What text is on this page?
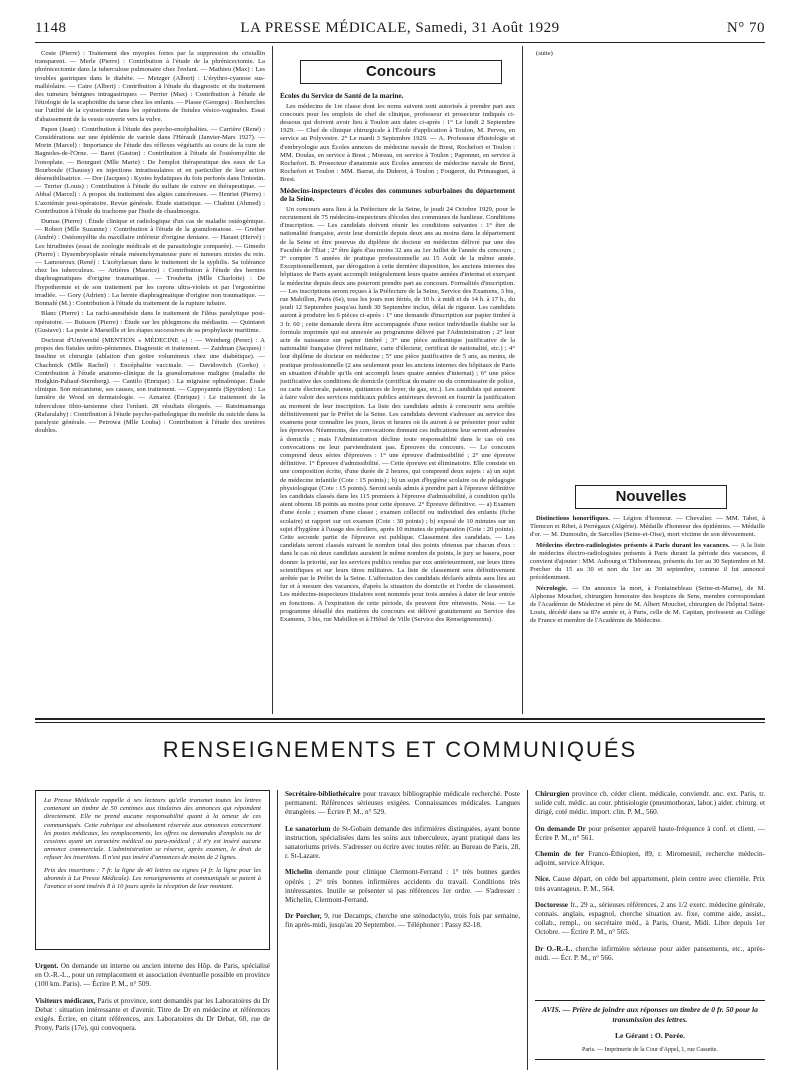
1148	LA PRESSE MÉDICALE, Samedi, 31 Août 1929	N° 70

Coste (Pierre) : Traitement des myopies fortes par la suppression du cristallin transparent. — Merle (Pierre) : Contribution à l'étude de la phrénicectomie. La phrénicectomie dans la tuberculose pulmonaire chez l'enfant. — Mathieu (Max) : Les troubles gastriques dans le diabète. — Metzger (Albert) : L'érythro-cyanose sus-malléolaire. — Caire (Albert) : Contribution à l'étude du diagnostic et du traitement des tumeurs bénignes intragastriques — Perrier (Max) : Contribution à l'étude de l'étiologie de la scaphoïdite du tarse chez les enfants. — Plasse (Georges) : Recherches sur l'utilité de la cystostomie dans les opérations de fistules vésico-vaginales. Essai d'abaissement de la vessie ouverte vers la vulve.

Papon (Jean) : Contribution à l'étude des psycho-encéphalites. — Carrière (René) : Considérations sur une épidémie de variole dans l'Hérault (Janvier-Mars 1927). — Morin (Marcel) : Importance de l'étude des réflexes végétatifs au cours de la cure de Bagnoles-de-l'Orne. — Baret (Gaston) : Contribution à l'étude de l'ostéomyélite de l'omoplate. — Bourguet (Mlle Marie) : De l'emploi thérapeutique des eaux de La Bourboule (Chaussy) en injections intratissulaires et en particulier de leur action désensibilisatrice. — Dor (Jacques) : Kystes hydatiques du foie perforés dans l'intestin. — Terrier (Louis) : Contribution à l'étude du sulfate de cuivre en thérapeutique. — Abbal (Marcel) : A propos du traitement des algies cancéreuses. — Henriet (Pierre) : L'azotémie post-opératoire. Revue générale. Étude statistique. — Chabini (Ahmed) : Contribution à l'étude du trachome par l'huile de chaulmoogra.

Dumas (Pierre) : Étude clinique et radiologique d'un cas de maladie ostéogénique. — Robert (Mlle Suzanne) : Contribution à l'étude de la granulomatose. — Grether (André) : Ostéomyélite du maxillaire inférieur d'origine dentaire. — Harant (Hervé) : Les hirudinées (essai de zoologie médicale et de parasitologie comparée). — Gimedo (Pierre) : Dysembryoplasie rénale mésenchymateuse pure et tumeurs mixtes du rein. — Lamouroux (René) : L'acétylarsan dans le traitement de la syphilis. Sa tolérance chez les tuberculeux. — Artières (Maurice) : Contribution à l'étude des hernies diaphragmatiques d'origine traumatique. — Troubetta (Mlle Charlotte) : De l'hypothermie et de son traitement par les rayons ultra-violets et par l'ergostérine irradiée. — Gory (Adrien) : La hernie diaphragmatique d'origine non traumatique. — Bonnafé (M.) : Contribution à l'étude du traitement de la rupture tubaire.

Blanc (Pierre) : La rachi-anesthésie dans le traitement de l'iléus paralytique post-opératoire. — Buisson (Pierre) : Étude sur les phlegmons du médiastin. — Quintaret (Gustave) : La peste à Marseille et les étapes successives de sa prophylaxie maritime.

Doctorat d'Université (MENTION « MÉDECINE ») : — Weinberg (Perec) : A propos des fistules urétro-péniennes. Diagnostic et traitement. — Zaidman (Jacques) : Insuline et chirurgie (ablation d'un goitre volumineux chez une diabétique). — Chachnick (Mlle Rachel) : Encéphalite vaccinale. — Davidovitch (Gorko) : Contribution à l'étude anatomo-clinique de la granulomatose maligne (maladie de Hodgkin-Paltauf-Sternberg). — Cantilo (Enrique) : La migraine ophtalmique. Étude clinique. Son mécanisme, ses causes, son traitement. — Cappoyannis (Spyridon) : La lumière de Wood en dermatologie. — Aznarez (Enrique) : Le traitement de la tuberculose tibio-tarsienne chez l'enfant. 28 résultats éloignés. — Ratsimamanga (Rafaralahy) : Contribution à l'étude psycho-pathologique du mobile du suicide dans la paralysie générale. — Petrowa (Mlle Louba) : Contribution à l'étude des uretères doubles.

Concours

Écoles du Service de Santé de la marine.

Les médecins de 1re classe dont les noms suivent sont autorisés à prendre part aux concours pour les emplois de chef de clinique, professeur et prosecteur indiqués ci-dessous qui doivent avoir lieu à Toulon aux dates ci-après : 1° Le lundi 2 Septembre 1929. — Chef de clinique chirurgicale à l'École d'application à Toulon, M. Perves, en service au Polyvestre. 2° Le mardi 3 Septembre 1929. — A. Professeur d'histologie et d'embryologie aux Écoles annexes de médecine navale de Brest, Rochefort et Toulon : MM. Doulas, en service à Brest ; Moreau, en service à Toulon ; Paponnet, en service à Rochefort. B. Prosecteur d'anatomie aux Écoles annexes de médecine navale de Brest, Rochefort et Toulon : MM. Barrat, du Diderot, à Toulon ; Fougerot, du Primauguet, à Brest.

Médecins-inspecteurs d'écoles des communes suburbaines du département de la Seine.

Un concours aura lieu à la Préfecture de la Seine, le jeudi 24 Octobre 1929, pour le recrutement de 75 médecins-inspecteurs d'écoles des communes de banlieue. Conditions d'inscription. — Les candidats doivent réunir les conditions suivantes : 1° être de nationalité française, avoir leur domicile depuis deux ans au moins dans le département de la Seine et être pourvus du diplôme de docteur en médecine délivré par une des Facultés de l'État ; 2° être âgés d'au moins 32 ans au 1er Juillet de l'année du concours ; 3° compter 5 années de pratique professionnelle au 15 Août de la même année. Exceptionnellement, par dérogation à cette dernière disposition, les anciens internes des hôpitaux de Paris ayant accompli intégralement leurs quatre années d'internat et exerçant la médecine depuis deux ans pourront prendre part au concours. Formalités d'inscription. — Les inscriptions seront reçues à la Préfecture de la Seine, Service des Examens, 3 bis, rue Mabillon, Paris (6e), tous les jours non fériés, de 10 h. à midi et de 14 h. à 17 h., du jeudi 12 Septembre jusqu'au lundi 30 Septembre inclus, délai de rigueur. Les candidats auront à produire les 6 pièces ci-après : 1° une demande d'inscription sur papier timbré à 3 fr. 60 ; cette demande devra être accompagnée d'une notice individuelle établie sur la formule imprimée qui est annexée au programme délivré par l'Administration ; 2° leur acte de naissance sur papier timbré ; 3° une pièce authentique justificative de la nationalité française (livret militaire, carte d'électeur, certificat de nationalité, etc.) ; 4° leur diplôme de docteur en médecine ; 5° une pièce justificative de 5 ans, au moins, de pratique professionnelle (2 ans seulement pour les anciens internes des hôpitaux de Paris en situation d'établir qu'ils ont accompli leurs quatre années d'internat) ; 6° une pièce justificative des conditions de domicile (certificat du maire ou du commissaire de police, ou carte électorale, patente, quittances de loyer, de gaz, etc.). Les candidats qui auraient à faire valoir des services médicaux publics antérieurs devront en fournir la justification au moment de leur inscription. La liste des candidats admis à concourir sera arrêtée définitivement par le Préfet de la Seine. Les candidats devront s'adresser au service des examens pour connaître les jours, lieux et heures où ils auront à se présenter pour subir les épreuves. Néanmoins, des convocations donnant ces indications leur seront adressées à domicile ; mais l'Administration décline toute responsabilité dans le cas où ces convocations ne leur parviendraient pas. Épreuves du concours. — Le concours comprend deux séries d'épreuves : 1° une épreuve d'admissibilité ; 2° une épreuve définitive. 1° Épreuve d'admissibilité. — Cette épreuve est éliminatoire. Elle consiste en une composition écrite, d'une durée de 2 heures, qui comprend deux sujets : a) un sujet de médecine infantile (Cote : 15 points) ; b) un sujet d'hygiène scolaire ou de pédagogie physiologique (Cote : 15 points). Seront seuls admis à prendre part à l'épreuve définitive les candidats classés dans les 115 premiers à l'épreuve d'admissibilité, à condition qu'ils aient obtenu 18 points au moins pour cette épreuve. 2° Épreuve définitive. — a) Examen d'une école ; examen d'une classe ; examen collectif ou individuel des enfants (fiche scolaire) et rapport sur cet examen (Cote : 30 points) ; b) exposé de 10 minutes sur un sujet d'hygiène à l'usage des écoliers, après 10 minutes de préparation (Cote : 20 points). Cette seconde partie de l'épreuve est publique. Classement des candidats. — Les candidats seront classés suivant le nombre total des points obtenus par chacun d'eux : dans le cas où deux candidats auraient le même nombre de points, le jury se basera, pour donner la priorité, sur les services publics rendus par eux antérieurement, sur leurs titres scientifiques et sur leurs titres militaires. La liste de classement sera définitivement arrêtée par le Préfet de la Seine. L'affectation des candidats déclarés admis aura lieu au fur et à mesure des vacances, d'après la situation du domicile et l'ordre de classement. Les médecins-inspecteurs titulaires sont nommés pour trois années à dater de leur entrée en fonctions. A l'expiration de cette période, ils peuvent être réinvestis. Nota. — Le programme détaillé des matières du concours est délivré gratuitement au Service des Examens, 3 bis, rue Mabillon et à l'Hôtel de Ville (Service des Renseignements).

(suite)

Nouvelles

Distinctions honorifiques. — Légion d'honneur. — Chevalier. — MM. Tabet, à Tlemcen et Ribet, à Perrégaux (Algérie). Médaille d'honneur des épidémies. — Médaille d'or. — M. Dumoulin, de Sarcelles (Seine-et-Oise), mort victime de son dévouement.

Médecins électro-radiologistes présents à Paris durant les vacances. — A la liste de médecins électro-radiologistes présents à Paris durant la période des vacances, il convient d'ajouter : MM. Aubourg et Thibonneau, présents du 1er au 30 Septembre et M. Porcher du 15 au 30 et non du 1er au 30 septembre, comme il fut annoncé précédemment.

Nécrologie. — On annonce la mort, à Fontainebleau (Seine-et-Marne), de M. Alphonse Mouchet, chirurgien honoraire des hospices de Sens, membre correspondant de l'Académie de Médecine et père de M. Albert Mouchet, chirurgien de l'hôpital Saint-Louis, décédé dans sa 87e année et, à Paris, celle de M. Capitan, professeur au Collège de France et membre de l'Académie de Médecine.

RENSEIGNEMENTS ET COMMUNIQUÉS
La Presse Médicale rappelle à ses lecteurs qu'elle transmet toutes les lettres contenant un timbre de 50 centimes aux titulaires des annonces qui répondent directement. Elle ne prend aucune responsabilité quant à la teneur de ces communiqués. Cette rubrique est absolument réservée aux annonces concernant les postes médicaux, les remplacements, les offres ou demandes d'emplois ou de cessions ayant un caractère médical ou para-médical ; il n'y est inséré aucune annonce commerciale. L'administration se réserve, après examen, le droit de refuser les insertions. Il n'est pas inséré d'annonces de moins de 2 lignes.
Prix des insertions : 7 fr. la ligne de 40 lettres ou signes (4 fr. la ligne pour les abonnés à La Presse Médicale). Les renseignements et communiqués se paient à l'avance et sont insérés 8 à 10 jours après la réception de leur montant.

Urgent. On demande un interne ou ancien interne des Hôp. de Paris, spécialisé en O.-R.-L., pour un remplacement et association éventuelle possible en province (100 km. Paris). — Écrire P. M., n° 509.

Visiteurs médicaux, Paris et province, sont demandés par les Laboratoires du Dr Debat : situation intéressante et d'avenir. Titre de Dr en médecine et références exigés. Écrire, en citant références, aux Laboratoires du Dr Debat, 60, rue de Prony, Paris (17e), qui convoquera.

Secrétaire-bibliothécaire pour travaux bibliographie médicale recherché. Poste permanent. Références sérieuses exigées. Connaissances médicales. Langues étrangères. — Écrire P. M., n° 529.

Le sanatorium de St-Gobain demande des infirmières distinguées, ayant bonne instruction, spécialisées dans les soins aux tuberculeux, ayant pratiqué dans les sanatoriums privés. S'adresser ou écrire avec toutes référ. au Bureau de Paris, 28, r. St-Lazare.

Michelin demande pour clinique Clermont-Ferrand : 1° très bonnes gardes opérés ; 2° très bonnes infirmières accidents du travail. Conditions très intéressantes. Inutile se présenter si pas références 1er ordre. — S'adresser : Michelin, Clermont-Ferrand.

Dr Porcher, 9, rue Decamps, cherche une sténodactylo, trois fois par semaine, fin après-midi, jusqu'au 20 Septembre. — Téléphoner : Passy 82-18.

Chirurgien province ch. céder client. médicale, conviendr. anc. ext. Paris, tr. solide cult. médic. au cour. phtisiologie (pneumothorax, labor.) aider. chirurg. et dirigé, coté médic. import. clin. P. M., 560.

On demande Dr pour présenter appareil haute-fréquence à conf. et client. — Écrire P. M., n° 561.

Chemin de fer Franco-Éthiopien, 89, r. Miromesnil, recherche médecin-adjoint, service Afrique.

Nice. Cause départ, on céde bel appartement, plein centre avec clientèle. Prix très avantageux. P. M., 564.

Doctoresse fr., 29 a., sérieuses références, 2 ans 1/2 exerc. médecine générale, connais. anglais, espagnol, cherche situation av. fixe, comme aide, assist., collab., rempl., ou secrétaire méd., à Paris, Ouest, Midi. Libre depuis 1er Octobre. — Écrire P. M., n° 565.

Dr O.-R.-L. cherche infirmière sérieuse pour aider pansements, etc., après-midi. — Écr. P. M., n° 566.

AVIS. — Prière de joindre aux réponses un timbre de 0 fr. 50 pour la transmission des lettres.
Le Gérant : O. Porée.
Paris. — Imprimerie de la Cour d'Appel, 1, rue Cassette.
